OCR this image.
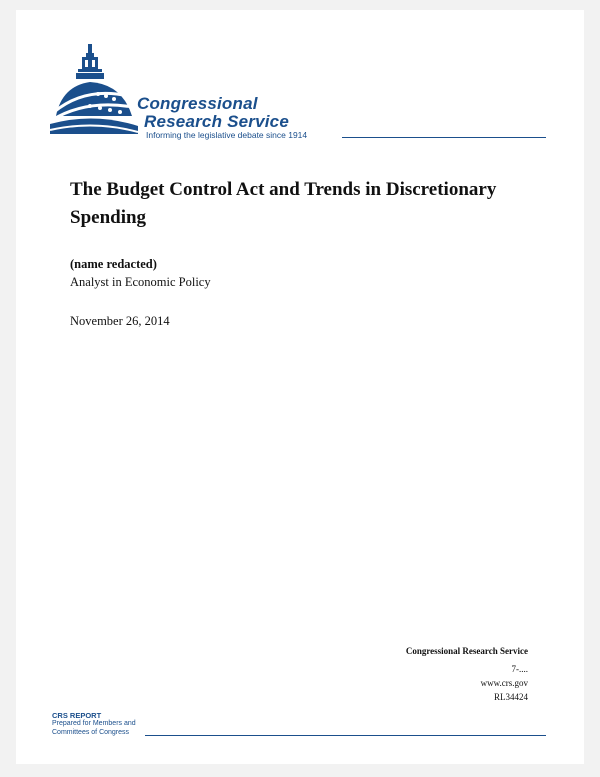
Congressional
Research Service
Informing the legislative debate since 1914
The Budget Control Act and Trends in Discretionary Spending
(name redacted)
Analyst in Economic Policy
November 26, 2014
Congressional Research Service
7-....
www.crs.gov
RL34424
CRS REPORT
Prepared for Members and
Committees of Congress
